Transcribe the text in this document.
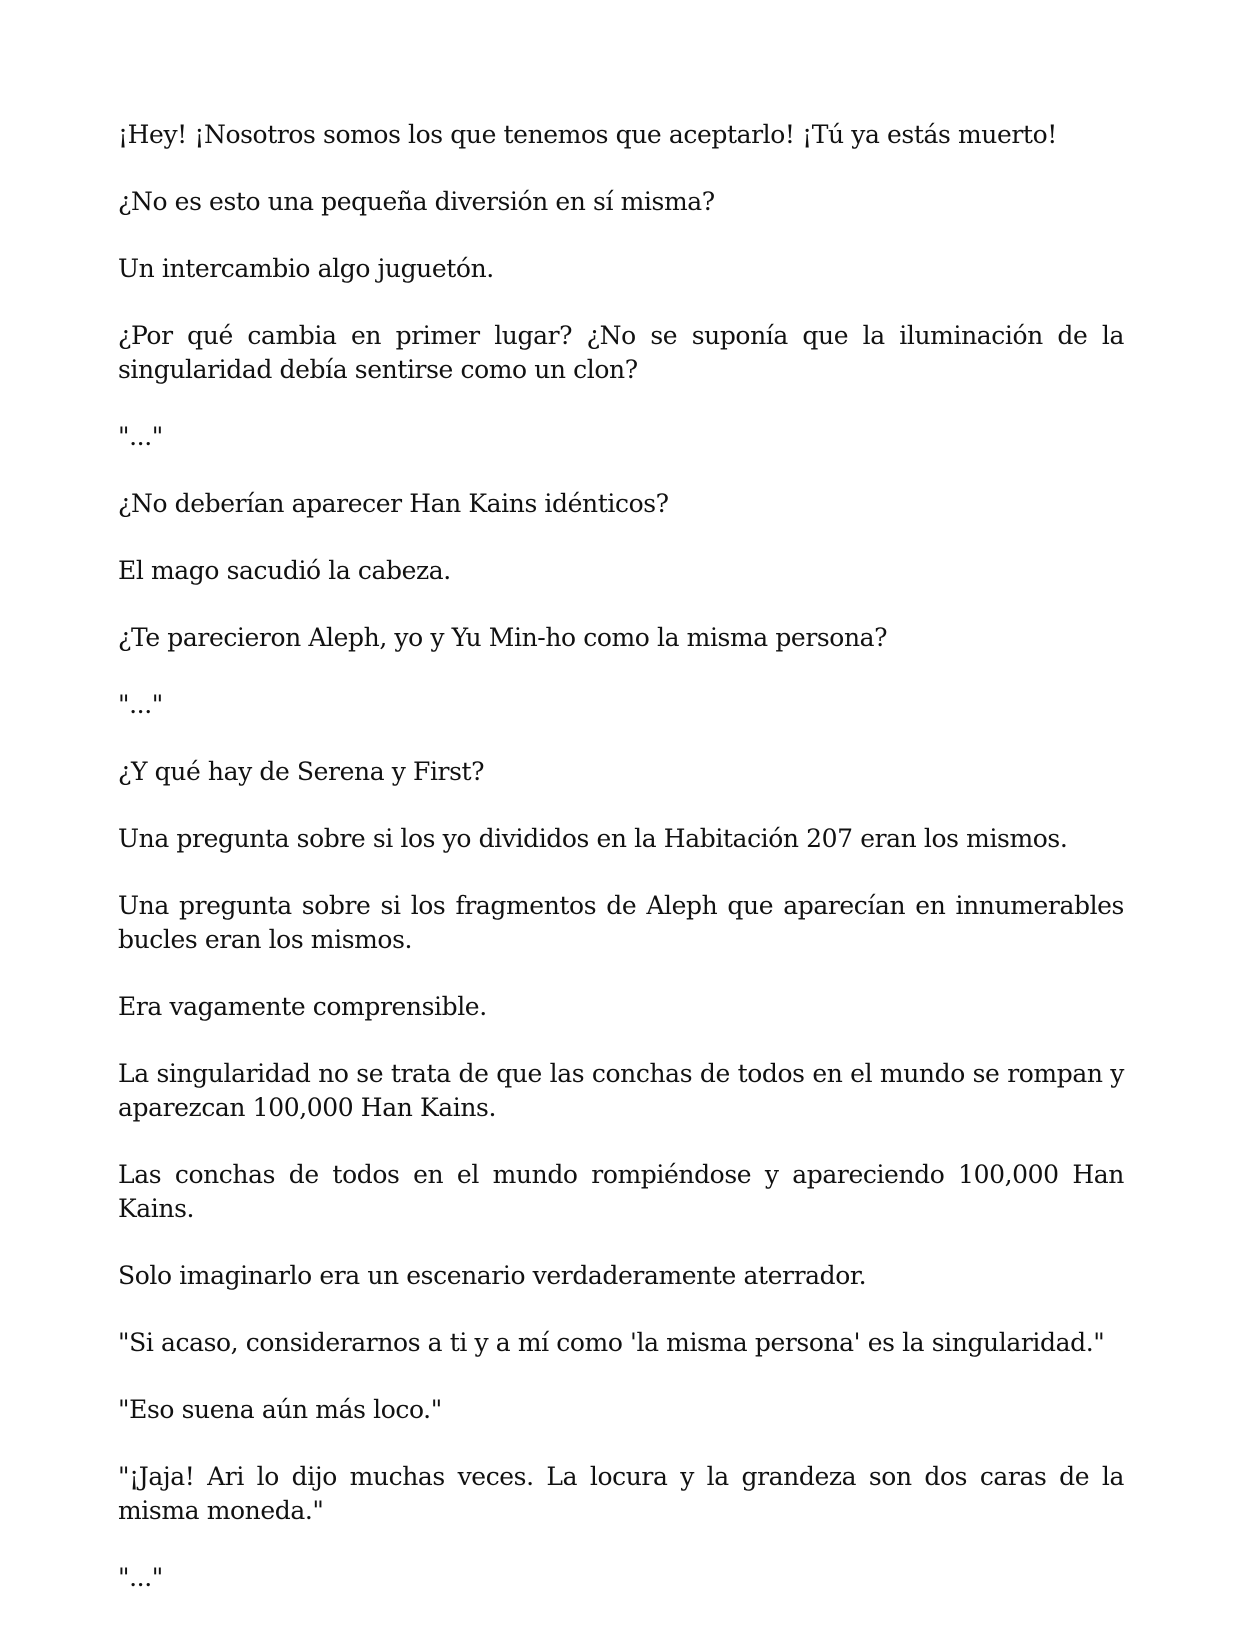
¡Hey! ¡Nosotros somos los que tenemos que aceptarlo! ¡Tú ya estás muerto!

¿No es esto una pequeña diversión en sí misma?

Un intercambio algo juguetón.

¿Por qué cambia en primer lugar? ¿No se suponía que la iluminación de la singularidad debía sentirse como un clon?

"..."

¿No deberían aparecer Han Kains idénticos?

El mago sacudió la cabeza.

¿Te parecieron Aleph, yo y Yu Min-ho como la misma persona?

"..."

¿Y qué hay de Serena y First?

Una pregunta sobre si los yo divididos en la Habitación 207 eran los mismos.

Una pregunta sobre si los fragmentos de Aleph que aparecían en innumerables bucles eran los mismos.

Era vagamente comprensible.

La singularidad no se trata de que las conchas de todos en el mundo se rompan y aparezcan 100,000 Han Kains.

Las conchas de todos en el mundo rompiéndose y apareciendo 100,000 Han Kains.

Solo imaginarlo era un escenario verdaderamente aterrador.

"Si acaso, considerarnos a ti y a mí como 'la misma persona' es la singularidad."

"Eso suena aún más loco."

"¡Jaja! Ari lo dijo muchas veces. La locura y la grandeza son dos caras de la misma moneda."

"..."
